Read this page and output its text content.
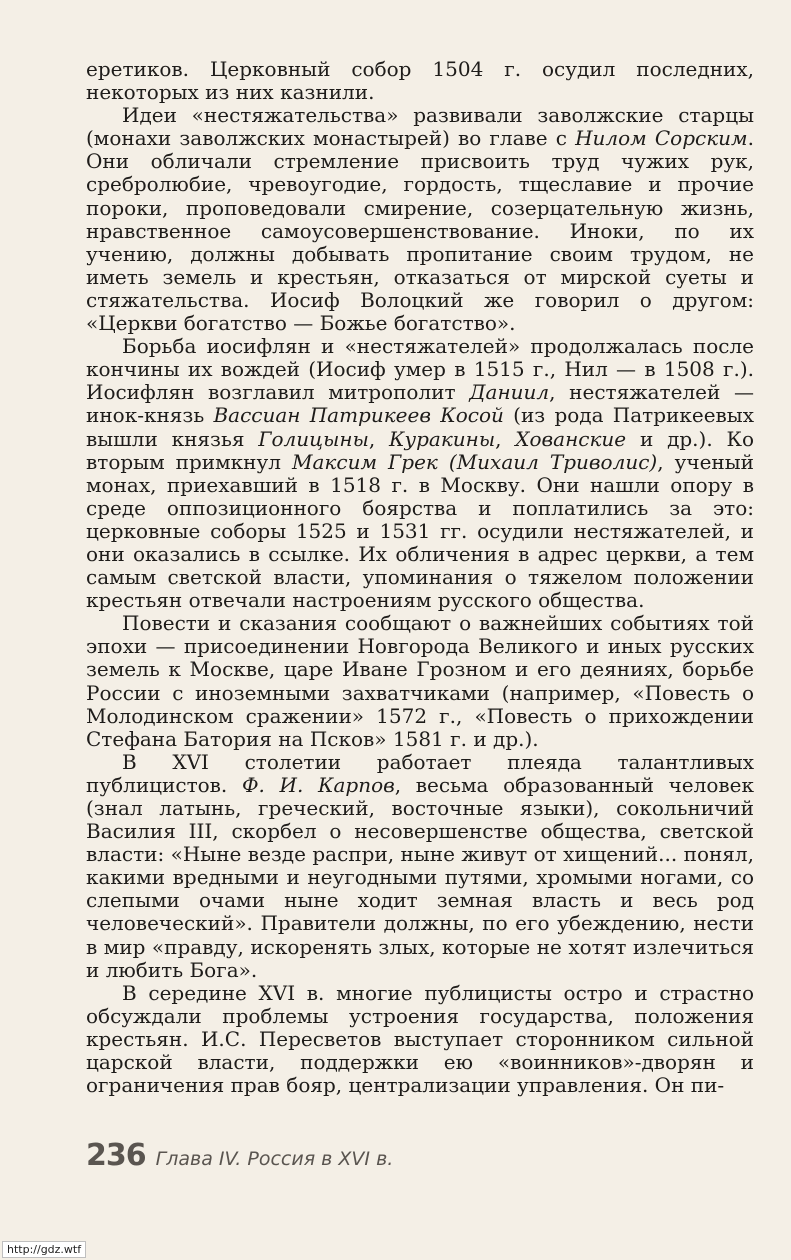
еретиков. Церковный собор 1504 г. осудил последних, некоторых из них казнили.

Идеи «нестяжательства» развивали заволжские старцы (монахи заволжских монастырей) во главе с Нилом Сорским. Они обличали стремление присвоить труд чужих рук, сребролюбие, чревоугодие, гордость, тщеславие и прочие пороки, проповедовали смирение, созерцательную жизнь, нравственное самоусовершенствование. Иноки, по их учению, должны добывать пропитание своим трудом, не иметь земель и крестьян, отказаться от мирской суеты и стяжательства. Иосиф Волоцкий же говорил о другом: «Церкви богатство — Божье богатство».

Борьба иосифлян и «нестяжателей» продолжалась после кончины их вождей (Иосиф умер в 1515 г., Нил — в 1508 г.). Иосифлян возглавил митрополит Даниил, нестяжателей — инок-князь Вассиан Патрикеев Косой (из рода Патрикеевых вышли князья Голицыны, Куракины, Хованские и др.). Ко вторым примкнул Максим Грек (Михаил Триволис), ученый монах, приехавший в 1518 г. в Москву. Они нашли опору в среде оппозиционного боярства и поплатились за это: церковные соборы 1525 и 1531 гг. осудили нестяжателей, и они оказались в ссылке. Их обличения в адрес церкви, а тем самым светской власти, упоминания о тяжелом положении крестьян отвечали настроениям русского общества.

Повести и сказания сообщают о важнейших событиях той эпохи — присоединении Новгорода Великого и иных русских земель к Москве, царе Иване Грозном и его деяниях, борьбе России с иноземными захватчиками (например, «Повесть о Молодинском сражении» 1572 г., «Повесть о прихождении Стефана Батория на Псков» 1581 г. и др.).

В XVI столетии работает плеяда талантливых публицистов. Ф. И. Карпов, весьма образованный человек (знал латынь, греческий, восточные языки), сокольничий Василия III, скорбел о несовершенстве общества, светской власти: «Ныне везде распри, ныне живут от хищений... понял, какими вредными и неугодными путями, хромыми ногами, со слепыми очами ныне ходит земная власть и весь род человеческий». Правители должны, по его убеждению, нести в мир «правду, искоренять злых, которые не хотят излечиться и любить Бога».

В середине XVI в. многие публицисты остро и страстно обсуждали проблемы устроения государства, положения крестьян. И.С. Пересветов выступает сторонником сильной царской власти, поддержки ею «воинников»-дворян и ограничения прав бояр, централизации управления. Он пи-

236 Глава IV. Россия в XVI в.
http://gdz.wtf
